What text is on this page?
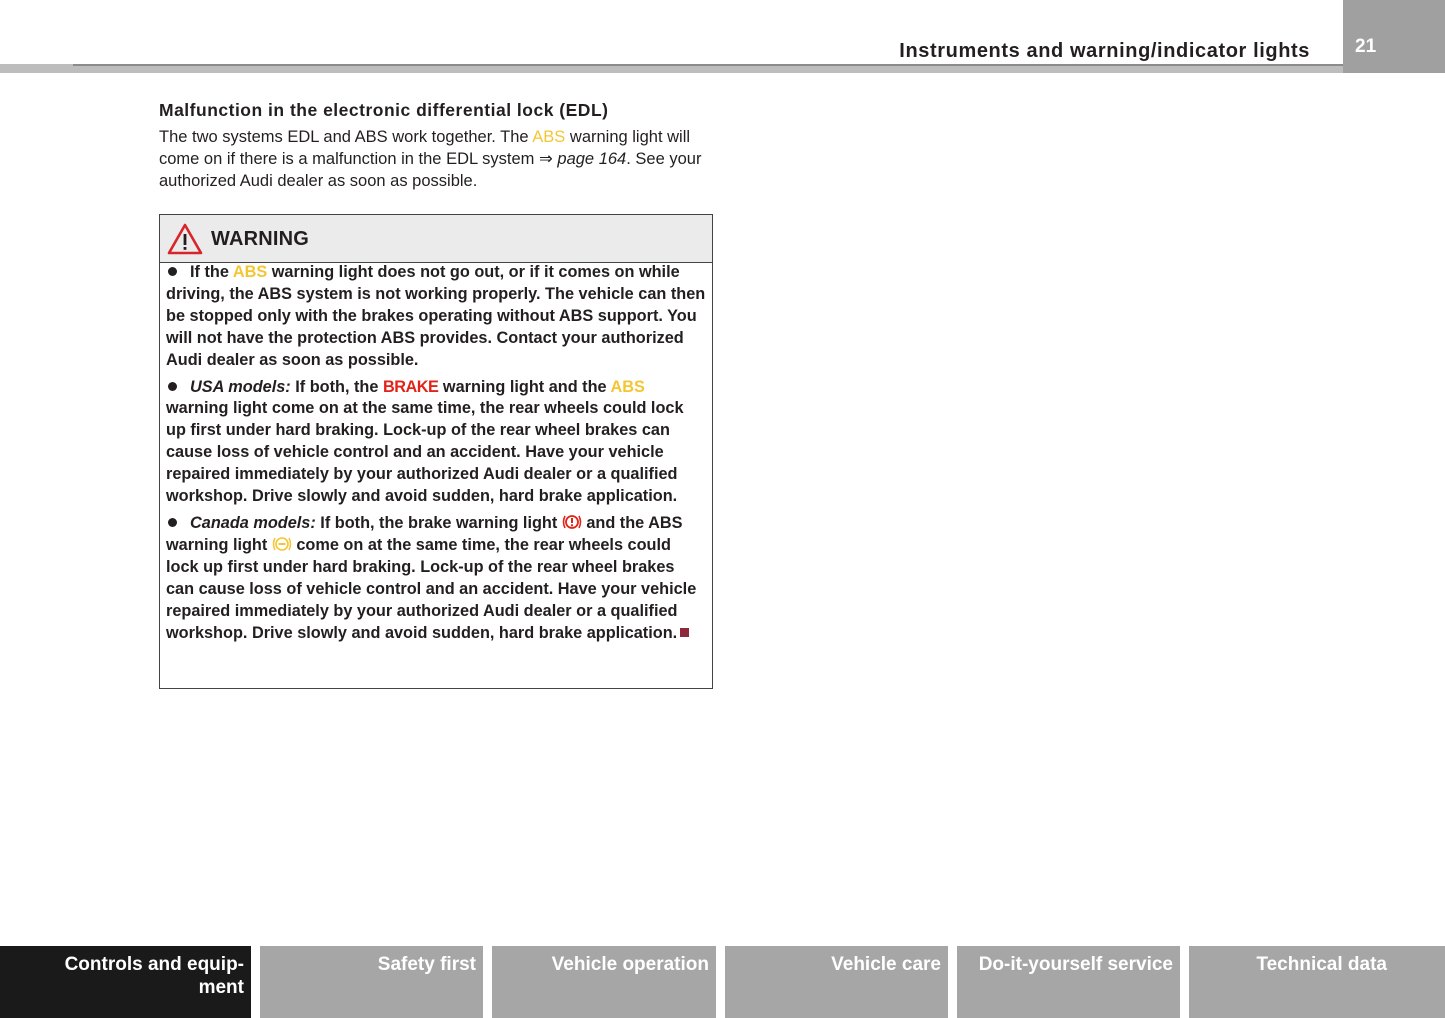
Instruments and warning/indicator lights 21
Malfunction in the electronic differential lock (EDL)

The two systems EDL and ABS work together. The ABS warning light will come on if there is a malfunction in the EDL system ⇒ page 164. See your authorized Audi dealer as soon as possible.

WARNING
If the ABS warning light does not go out, or if it comes on while driving, the ABS system is not working properly. The vehicle can then be stopped only with the brakes operating without ABS support. You will not have the protection ABS provides. Contact your authorized Audi dealer as soon as possible.
USA models: If both, the BRAKE warning light and the ABS warning light come on at the same time, the rear wheels could lock up first under hard braking. Lock-up of the rear wheel brakes can cause loss of vehicle control and an accident. Have your vehicle repaired immediately by your authorized Audi dealer or a qualified workshop. Drive slowly and avoid sudden, hard brake application.
Canada models: If both, the brake warning light  and the ABS warning light  come on at the same time, the rear wheels could lock up first under hard braking. Lock-up of the rear wheel brakes can cause loss of vehicle control and an accident. Have your vehicle repaired immediately by your authorized Audi dealer or a qualified workshop. Drive slowly and avoid sudden, hard brake application.
Controls and equip-
ment
Safety first	Vehicle operation	Vehicle care	Do-it-yourself service	Technical data
